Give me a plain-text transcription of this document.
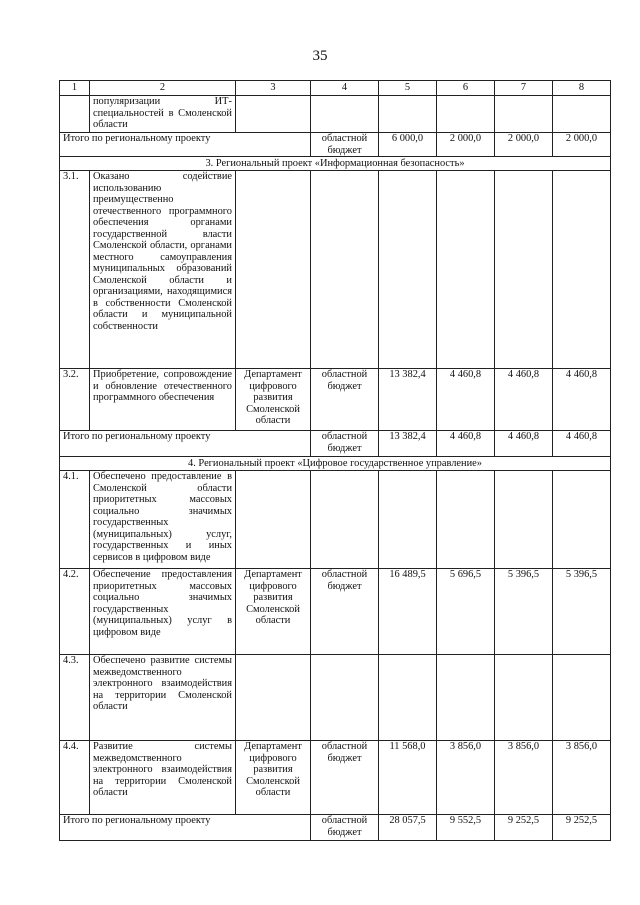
35
1	2	3	4	5	6	7	8
	популяризации ИТ-специальностей в Смоленской области						
Итого по региональному проекту			областной бюджет	6 000,0	2 000,0	2 000,0	2 000,0
3. Региональный проект «Информационная безопасность»							
3.1.	Оказано содействие использованию преимущественно отечественного программного обеспечения органами государственной власти Смоленской области, органами местного самоуправления муниципальных образований Смоленской области и организациями, находящимися в собственности Смоленской области и муниципальной собственности						
3.2.	Приобретение, сопровождение и обновление отечественного программного обеспечения	Департамент цифрового развития Смоленской области	областной бюджет	13 382,4	4 460,8	4 460,8	4 460,8
Итого по региональному проекту			областной бюджет	13 382,4	4 460,8	4 460,8	4 460,8
4. Региональный проект «Цифровое государственное управление»							
4.1.	Обеспечено предоставление в Смоленской области приоритетных массовых социально значимых государственных (муниципальных) услуг, государственных и иных сервисов в цифровом виде						
4.2.	Обеспечение предоставления приоритетных массовых социально значимых государственных (муниципальных) услуг в цифровом виде	Департамент цифрового развития Смоленской области	областной бюджет	16 489,5	5 696,5	5 396,5	5 396,5
4.3.	Обеспечено развитие системы межведомственного электронного взаимодействия на территории Смоленской области						
4.4.	Развитие системы межведомственного электронного взаимодействия на территории Смоленской области	Департамент цифрового развития Смоленской области	областной бюджет	11 568,0	3 856,0	3 856,0	3 856,0
Итого по региональному проекту			областной бюджет	28 057,5	9 552,5	9 252,5	9 252,5
